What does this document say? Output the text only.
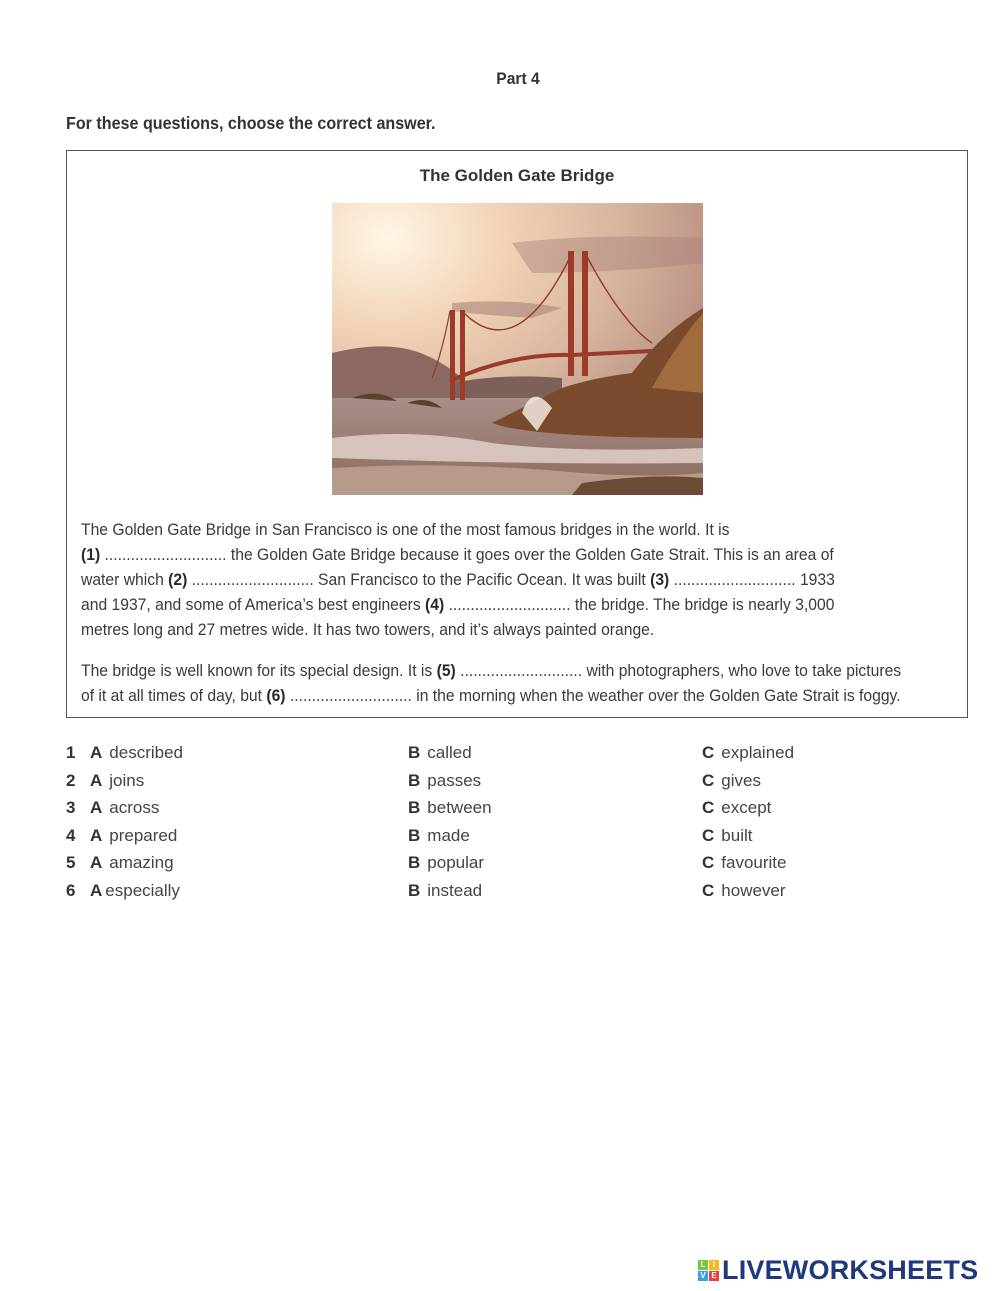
Part 4
For these questions, choose the correct answer.
The Golden Gate Bridge
The Golden Gate Bridge in San Francisco is one of the most famous bridges in the world. It is
(1) ............................ the Golden Gate Bridge because it goes over the Golden Gate Strait. This is an area of
water which (2) ............................ San Francisco to the Pacific Ocean. It was built (3) ............................ 1933
and 1937, and some of America’s best engineers (4) ............................ the bridge. The bridge is nearly 3,000
metres long and 27 metres wide. It has two towers, and it’s always painted orange.
The bridge is well known for its special design. It is (5) ............................ with photographers, who love to take pictures
of it at all times of day, but (6) ............................ in the morning when the weather over the Golden Gate Strait is foggy.
1 A described	B called	C explained
2 A joins	B passes	C gives
3 A across	B between	C except
4 A prepared	B made	C built
5 A amazing	B popular	C favourite
6 A especially	B instead	C however
L I
V E LIVEWORKSHEETS
